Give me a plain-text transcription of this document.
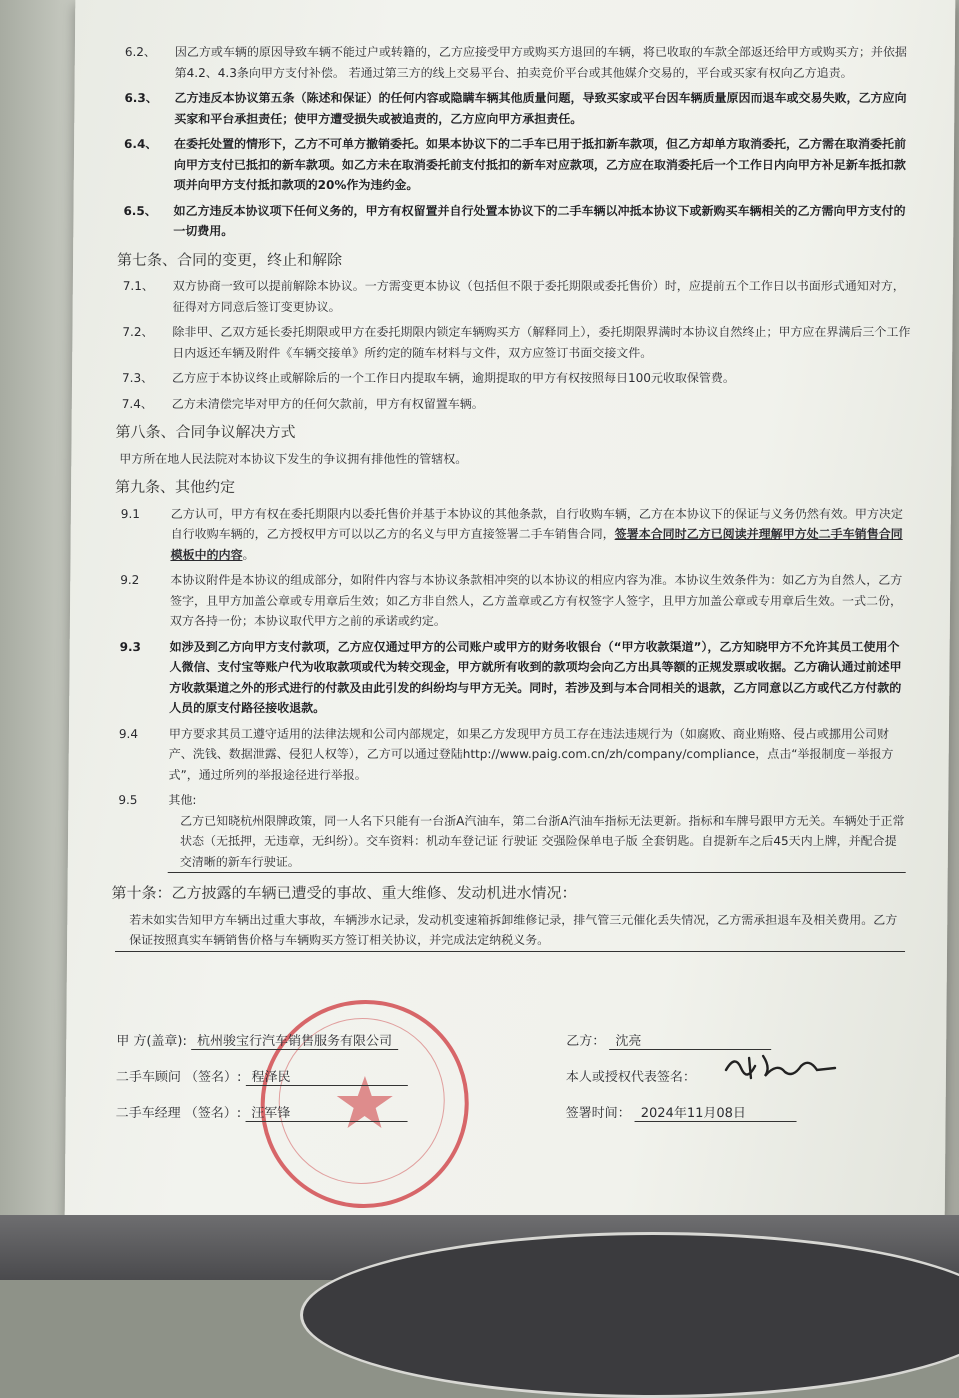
6.2、 因乙方或车辆的原因导致车辆不能过户或转籍的，乙方应接受甲方或购买方退回的车辆，将已收取的车款全部返还给甲方或购买方；并依据第4.2、4.3条向甲方支付补偿。 若通过第三方的线上交易平台、拍卖竞价平台或其他媒介交易的，平台或买家有权向乙方追责。
6.3、 乙方违反本协议第五条（陈述和保证）的任何内容或隐瞒车辆其他质量问题，导致买家或平台因车辆质量原因而退车或交易失败，乙方应向买家和平台承担责任；使甲方遭受损失或被追责的，乙方应向甲方承担责任。
6.4、 在委托处置的情形下，乙方不可单方撤销委托。如果本协议下的二手车已用于抵扣新车款项，但乙方却单方取消委托，乙方需在取消委托前向甲方支付已抵扣的新车款项。如乙方未在取消委托前支付抵扣的新车对应款项，乙方应在取消委托后一个工作日内向甲方补足新车抵扣款项并向甲方支付抵扣款项的20%作为违约金。
6.5、 如乙方违反本协议项下任何义务的，甲方有权留置并自行处置本协议下的二手车辆以冲抵本协议下或新购买车辆相关的乙方需向甲方支付的一切费用。
第七条、合同的变更，终止和解除
7.1、 双方协商一致可以提前解除本协议。一方需变更本协议（包括但不限于委托期限或委托售价）时，应提前五个工作日以书面形式通知对方，征得对方同意后签订变更协议。
7.2、 除非甲、乙双方延长委托期限或甲方在委托期限内锁定车辆购买方（解释同上），委托期限界满时本协议自然终止；甲方应在界满后三个工作日内返还车辆及附件《车辆交接单》所约定的随车材料与文件，双方应签订书面交接文件。
7.3、 乙方应于本协议终止或解除后的一个工作日内提取车辆，逾期提取的甲方有权按照每日100元收取保管费。
7.4、 乙方未清偿完毕对甲方的任何欠款前，甲方有权留置车辆。
第八条、合同争议解决方式
甲方所在地人民法院对本协议下发生的争议拥有排他性的管辖权。
第九条、其他约定
9.1	乙方认可，甲方有权在委托期限内以委托售价并基于本协议的其他条款，自行收购车辆，乙方在本协议下的保证与义务仍然有效。甲方决定自行收购车辆的，乙方授权甲方可以以乙方的名义与甲方直接签署二手车销售合同，签署本合同时乙方已阅读并理解甲方处二手车销售合同模板中的内容。
9.2	本协议附件是本协议的组成部分，如附件内容与本协议条款相冲突的以本协议的相应内容为准。本协议生效条件为：如乙方为自然人，乙方签字，且甲方加盖公章或专用章后生效；如乙方非自然人，乙方盖章或乙方有权签字人签字，且甲方加盖公章或专用章后生效。一式二份，双方各持一份；本协议取代甲方之前的承诺或约定。
9.3 如涉及到乙方向甲方支付款项，乙方应仅通过甲方的公司账户或甲方的财务收银台（“甲方收款渠道”），乙方知晓甲方不允许其员工使用个人微信、支付宝等账户代为收取款项或代为转交现金，甲方就所有收到的款项均会向乙方出具等额的正规发票或收据。乙方确认通过前述甲方收款渠道之外的形式进行的付款及由此引发的纠纷均与甲方无关。同时，若涉及到与本合同相关的退款，乙方同意以乙方或代乙方付款的人员的原支付路径接收退款。
9.4	甲方要求其员工遵守适用的法律法规和公司内部规定，如果乙方发现甲方员工存在违法违规行为（如腐败、商业贿赂、侵占或挪用公司财产、洗钱、数据泄露、侵犯人权等），乙方可以通过登陆http://www.paig.com.cn/zh/company/compliance，点击“举报制度－举报方式”，通过所列的举报途径进行举报。
9.5	其他:
乙方已知晓杭州限牌政策，同一人名下只能有一台浙A汽油车，第二台浙A汽油车指标无法更新。指标和车牌号跟甲方无关。车辆处于正常状态（无抵押，无违章，无纠纷）。交车资料：机动车登记证 行驶证 交强险保单电子版 全套钥匙。自提新车之后45天内上牌，并配合提交清晰的新车行驶证。
第十条：乙方披露的车辆已遭受的事故、重大维修、发动机进水情况：
若未如实告知甲方车辆出过重大事故，车辆涉水记录，发动机变速箱拆卸维修记录，排气管三元催化丢失情况，乙方需承担退车及相关费用。乙方保证按照真实车辆销售价格与车辆购买方签订相关协议，并完成法定纳税义务。
甲 方(盖章): 杭州骏宝行汽车销售服务有限公司
二手车顾问 （签名）: 程泽民
二手车经理 （签名）: 汪军锋
乙方： 沈亮
本人或授权代表签名：
签署时间： 2024年11月08日
